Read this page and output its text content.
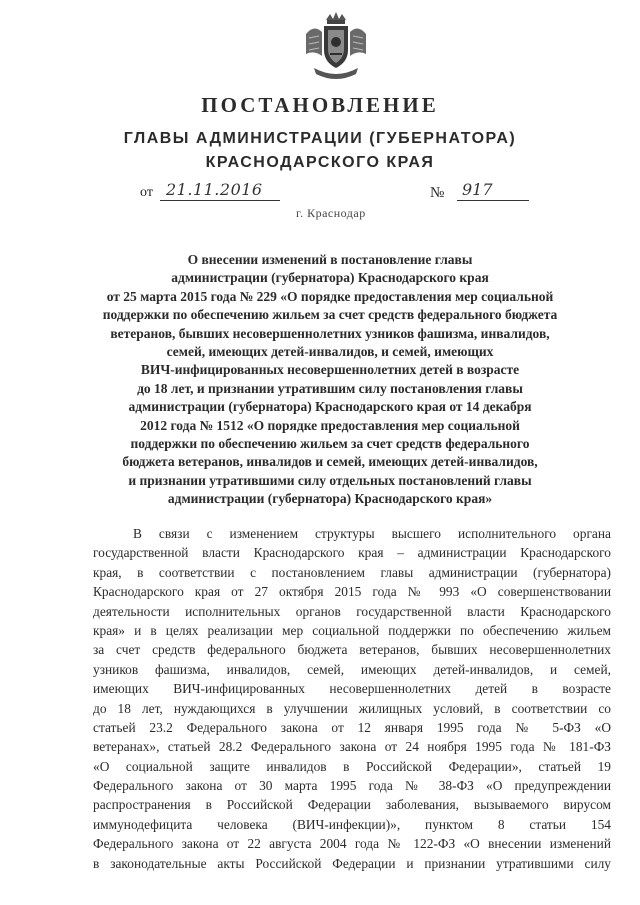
ПОСТАНОВЛЕНИЕ
ГЛАВЫ АДМИНИСТРАЦИИ (ГУБЕРНАТОРА)
КРАСНОДАРСКОГО КРАЯ
от 21.11.2016	№ 917
г. Краснодар
О внесении изменений в постановление главы
администрации (губернатора) Краснодарского края
от 25 марта 2015 года № 229 «О порядке предоставления мер социальной
поддержки по обеспечению жильем за счет средств федерального бюджета
ветеранов, бывших несовершеннолетних узников фашизма, инвалидов,
семей, имеющих детей-инвалидов, и семей, имеющих
ВИЧ-инфицированных несовершеннолетних детей в возрасте
до 18 лет, и признании утратившим силу постановления главы
администрации (губернатора) Краснодарского края от 14 декабря
2012 года № 1512 «О порядке предоставления мер социальной
поддержки по обеспечению жильем за счет средств федерального
бюджета ветеранов, инвалидов и семей, имеющих детей-инвалидов,
и признании утратившими силу отдельных постановлений главы
администрации (губернатора) Краснодарского края»
В связи с изменением структуры высшего исполнительного органа
государственной власти Краснодарского края – администрации Краснодарского
края, в соответствии с постановлением главы администрации (губернатора)
Краснодарского края от 27 октября 2015 года № 993 «О совершенствовании
деятельности исполнительных органов государственной власти Краснодарского
края» и в целях реализации мер социальной поддержки по обеспечению жильем
за счет средств федерального бюджета ветеранов, бывших несовершеннолетних
узников фашизма, инвалидов, семей, имеющих детей-инвалидов, и семей,
имеющих ВИЧ-инфицированных несовершеннолетних детей в возрасте
до 18 лет, нуждающихся в улучшении жилищных условий, в соответствии со
статьей 23.2 Федерального закона от 12 января 1995 года № 5-ФЗ «О
ветеранах», статьей 28.2 Федерального закона от 24 ноября 1995 года № 181-ФЗ
«О социальной защите инвалидов в Российской Федерации», статьей 19
Федерального закона от 30 марта 1995 года № 38-ФЗ «О предупреждении
распространения в Российской Федерации заболевания, вызываемого вирусом
иммунодефицита человека (ВИЧ-инфекции)», пунктом 8 статьи 154
Федерального закона от 22 августа 2004 года № 122-ФЗ «О внесении изменений
в законодательные акты Российской Федерации и признании утратившими силу
